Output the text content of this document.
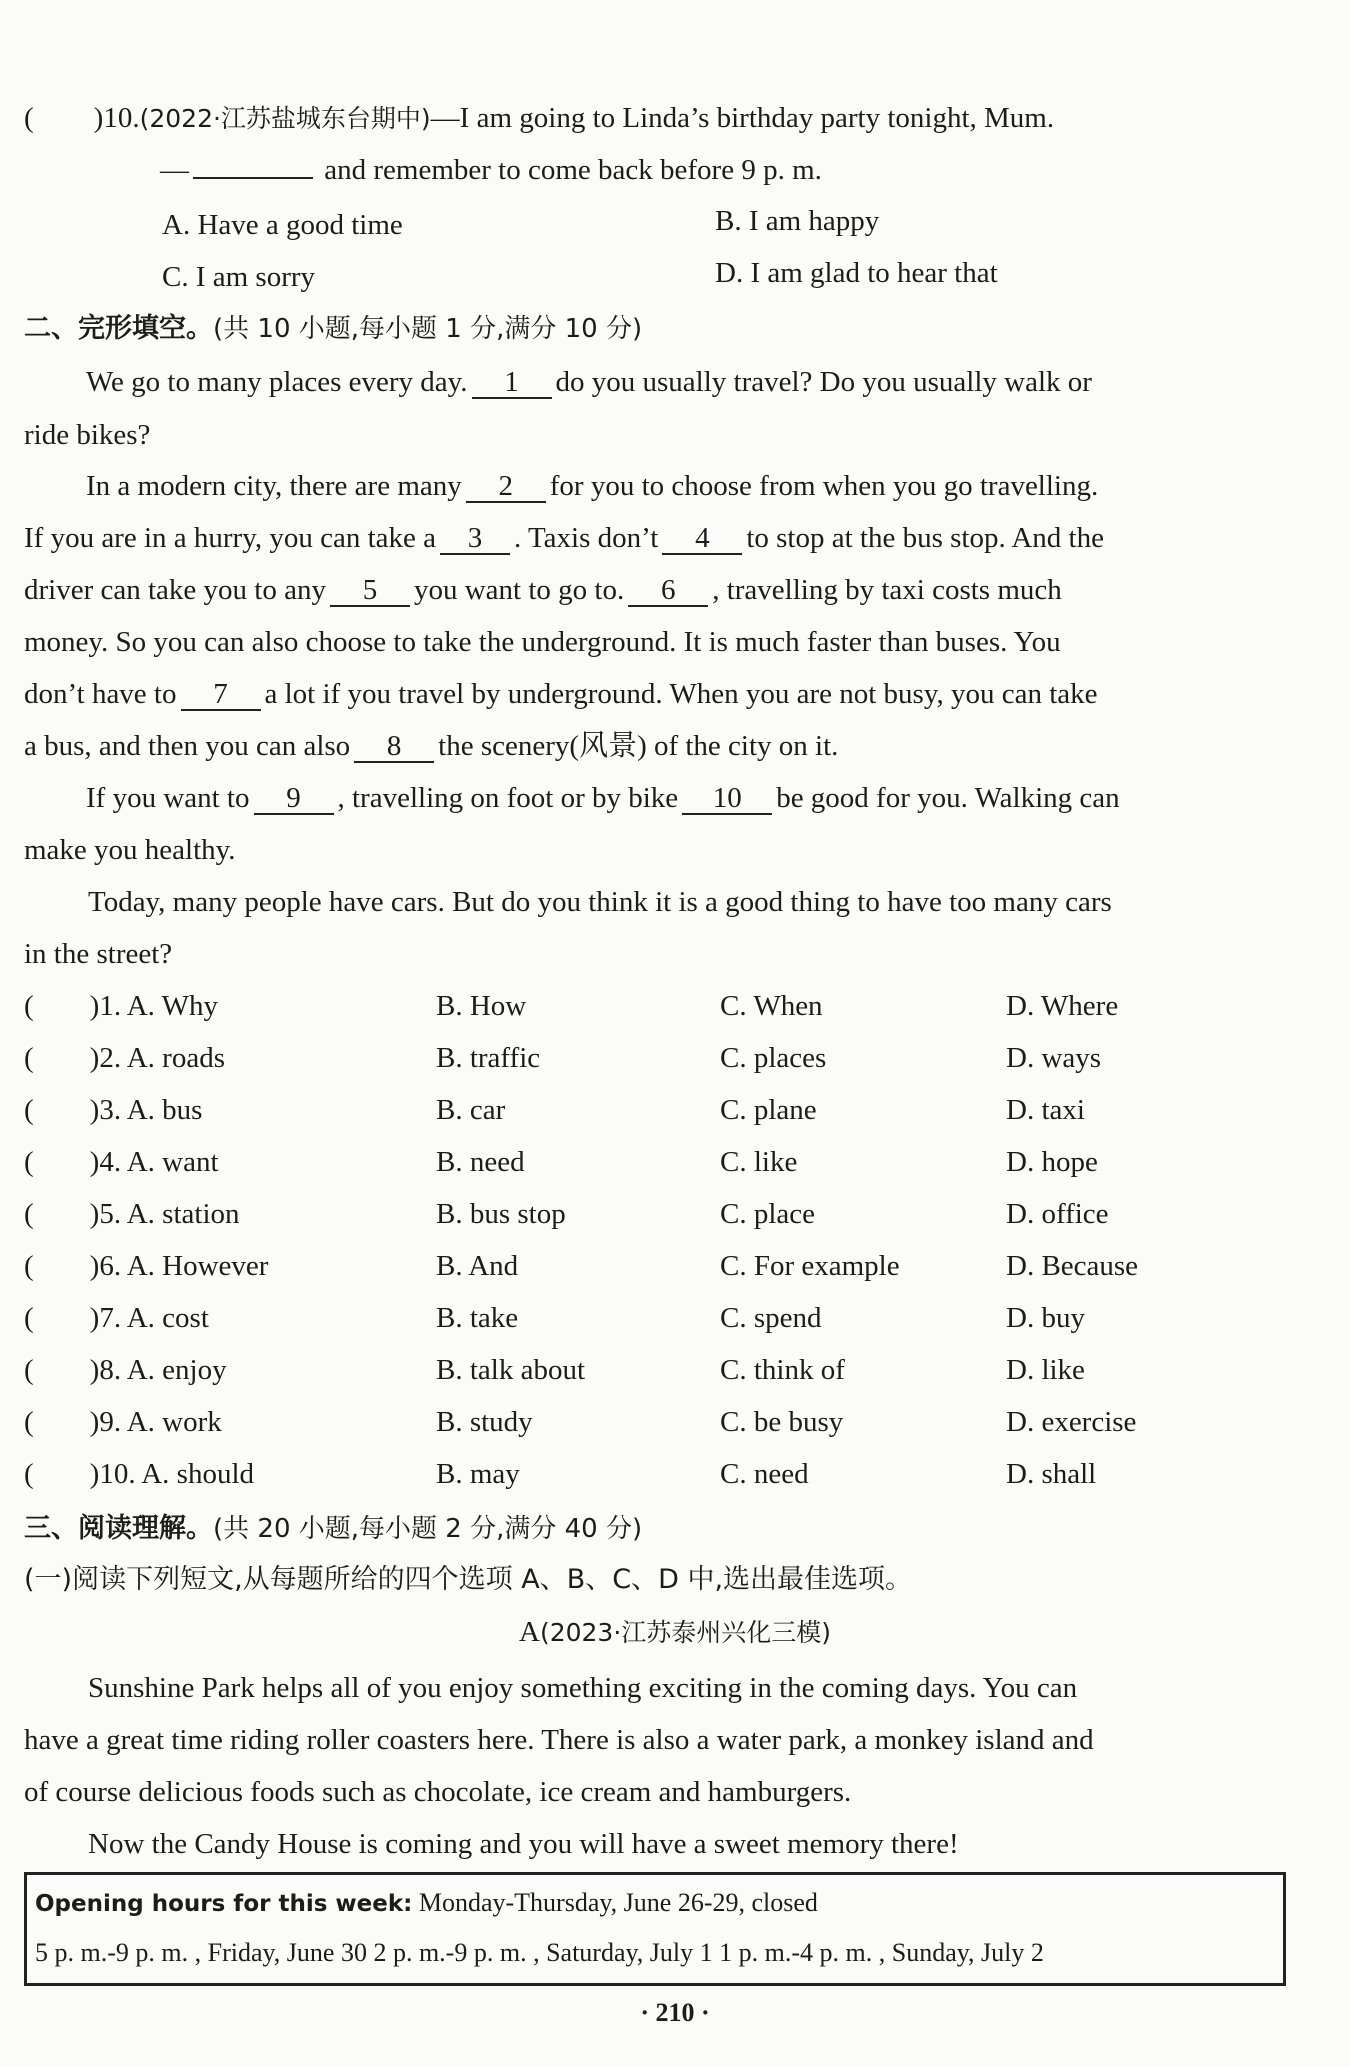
( )10.(2022·江苏盐城东台期中)—I am going to Linda’s birthday party tonight, Mum.
—	and remember to come back before 9 p. m.
A. Have a good time	B. I am happy
C. I am sorry	D. I am glad to hear that
二、完形填空。(共 10 小题,每小题 1 分,满分 10 分)
We go to many places every day. 1 do you usually travel? Do you usually walk or
ride bikes?
In a modern city, there are many 2 for you to choose from when you go travelling.
If you are in a hurry, you can take a 3 . Taxis don’t 4 to stop at the bus stop. And the
driver can take you to any 5 you want to go to. 6 , travelling by taxi costs much
money. So you can also choose to take the underground. It is much faster than buses. You
don’t have to 7 a lot if you travel by underground. When you are not busy, you can take
a bus, and then you can also 8 the scenery(风景) of the city on it.
If you want to 9 , travelling on foot or by bike 10 be good for you. Walking can
make you healthy.
Today, many people have cars. But do you think it is a good thing to have too many cars
in the street?
( )1. A. Why	B. How	C. When	D. Where
( )2. A. roads	B. traffic	C. places	D. ways
( )3. A. bus	B. car	C. plane	D. taxi
( )4. A. want	B. need	C. like	D. hope
( )5. A. station	B. bus stop	C. place	D. office
( )6. A. However	B. And	C. For example	D. Because
( )7. A. cost	B. take	C. spend	D. buy
( )8. A. enjoy	B. talk about	C. think of	D. like
( )9. A. work	B. study	C. be busy	D. exercise
( )10. A. should	B. may	C. need	D. shall
三、阅读理解。(共 20 小题,每小题 2 分,满分 40 分)
(一)阅读下列短文,从每题所给的四个选项 A、B、C、D 中,选出最佳选项。
A(2023·江苏泰州兴化三模)
Sunshine Park helps all of you enjoy something exciting in the coming days. You can
have a great time riding roller coasters here. There is also a water park, a monkey island and
of course delicious foods such as chocolate, ice cream and hamburgers.
Now the Candy House is coming and you will have a sweet memory there!
Opening hours for this week: Monday-Thursday, June 26-29, closed
5 p. m.-9 p. m. , Friday, June 30 2 p. m.-9 p. m. , Saturday, July 1 1 p. m.-4 p. m. , Sunday, July 2
· 210 ·
